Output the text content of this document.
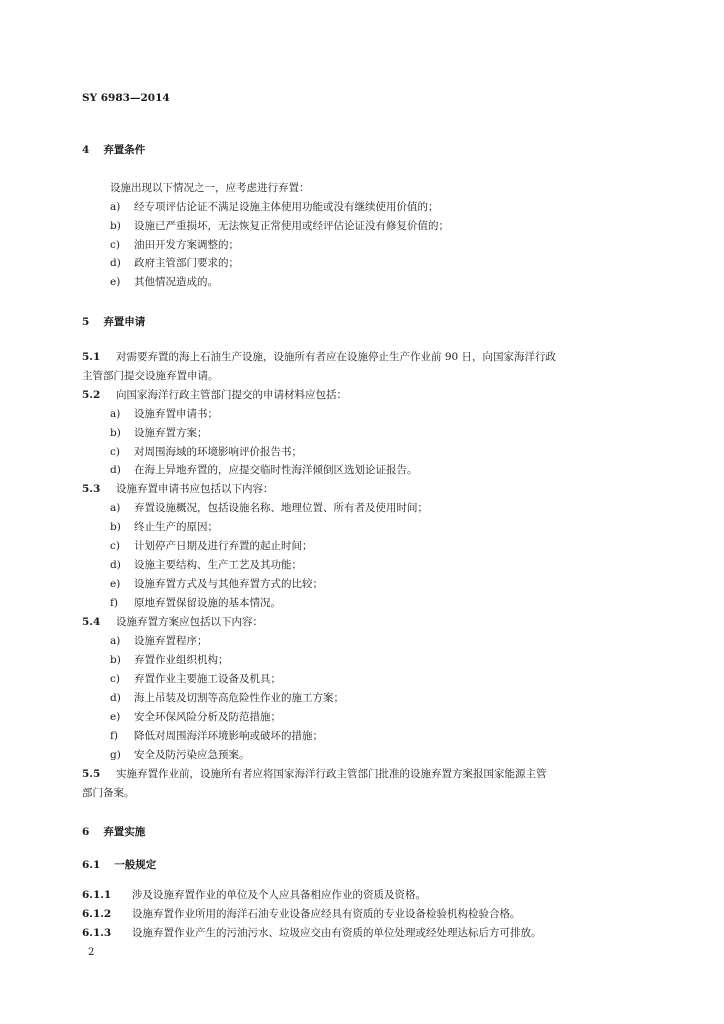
SY 6983—2014
4 弃置条件
设施出现以下情况之一，应考虑进行弃置：
a) 经专项评估论证不满足设施主体使用功能或没有继续使用价值的；
b) 设施已严重损坏，无法恢复正常使用或经评估论证没有修复价值的；
c) 油田开发方案调整的；
d) 政府主管部门要求的；
e) 其他情况造成的。
5 弃置申请
5.1 对需要弃置的海上石油生产设施，设施所有者应在设施停止生产作业前 90 日，向国家海洋行政
主管部门提交设施弃置申请。
5.2 向国家海洋行政主管部门提交的申请材料应包括：
a) 设施弃置申请书；
b) 设施弃置方案；
c) 对周围海域的环境影响评价报告书；
d) 在海上异地弃置的，应提交临时性海洋倾倒区选划论证报告。
5.3 设施弃置申请书应包括以下内容：
a) 弃置设施概况，包括设施名称、地理位置、所有者及使用时间；
b) 终止生产的原因；
c) 计划停产日期及进行弃置的起止时间；
d) 设施主要结构、生产工艺及其功能；
e) 设施弃置方式及与其他弃置方式的比较；
f) 原地弃置保留设施的基本情况。
5.4 设施弃置方案应包括以下内容：
a) 设施弃置程序；
b) 弃置作业组织机构；
c) 弃置作业主要施工设备及机具；
d) 海上吊装及切割等高危险性作业的施工方案；
e) 安全环保风险分析及防范措施；
f) 降低对周围海洋环境影响或破坏的措施；
g) 安全及防污染应急预案。
5.5 实施弃置作业前，设施所有者应将国家海洋行政主管部门批准的设施弃置方案报国家能源主管
部门备案。
6 弃置实施
6.1 一般规定
6.1.1 涉及设施弃置作业的单位及个人应具备相应作业的资质及资格。
6.1.2 设施弃置作业所用的海洋石油专业设备应经具有资质的专业设备检验机构检验合格。
6.1.3 设施弃置作业产生的污油污水、垃圾应交由有资质的单位处理或经处理达标后方可排放。
2
